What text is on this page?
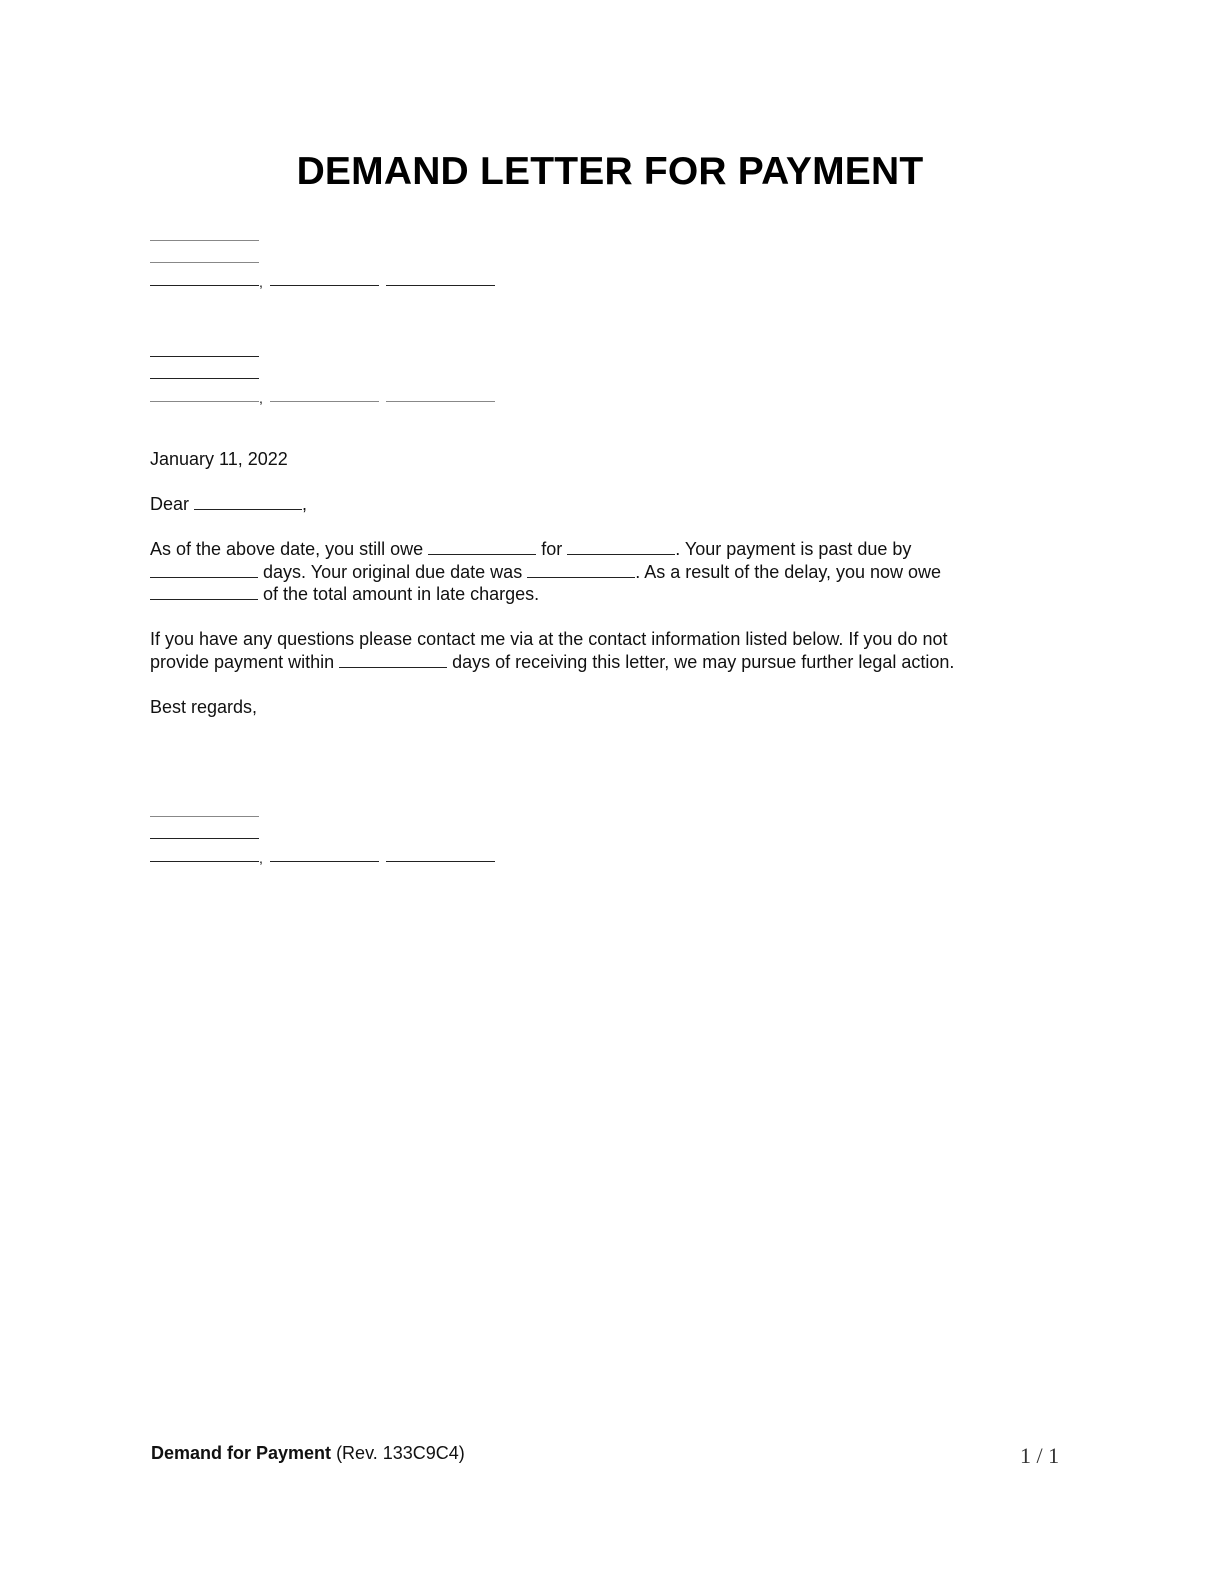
DEMAND LETTER FOR PAYMENT
,
,
January 11, 2022
Dear	,
As of the above date, you still owe	for	. Your payment is past due by
days. Your original due date was	. As a result of the delay, you now owe
of the total amount in late charges.
If you have any questions please contact me via at the contact information listed below. If you do not
provide payment within	days of receiving this letter, we may pursue further legal action.
Best regards,
,
Demand for Payment (Rev. 133C9C4)	1 / 1
